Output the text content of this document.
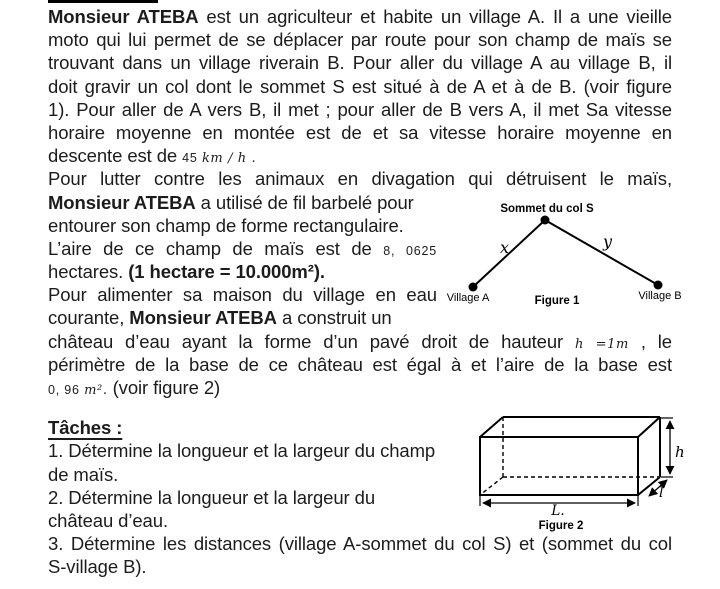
Monsieur ATEBA est un agriculteur et habite un village A. Il a une vieille
moto qui lui permet de se déplacer par route pour son champ de maïs se
trouvant dans un village riverain B. Pour aller du village A au village B, il
doit gravir un col dont le sommet S est situé à de A et à de B. (voir figure
1). Pour aller de A vers B, il met ; pour aller de B vers A, il met Sa vitesse
horaire moyenne en montée est de et sa vitesse horaire moyenne en
descente est de 45 km / h .

Pour lutter contre les animaux en divagation qui détruisent le maïs,
Monsieur ATEBA a utilisé de fil barbelé pour
entourer son champ de forme rectangulaire.
L’aire de ce champ de maïs est de 8, 0625
hectares. (1 hectare = 10.000m²).
Pour alimenter sa maison du village en eau
courante, Monsieur ATEBA a construit un

château d’eau ayant la forme d’un pavé droit de hauteur h =1m , le
périmètre de la base de ce château est égal à et l’aire de la base est
0, 96 m². (voir figure 2)

Tâches :
1. Détermine la longueur et la largeur du champ
de maïs.
2. Détermine la longueur et la largeur du
château d’eau.
3. Détermine les distances (village A-sommet du col S) et (sommet du col
S-village B).

Sommet du col S
x	y
Village A	Village B
Figure 1
h
l
L.
Figure 2
